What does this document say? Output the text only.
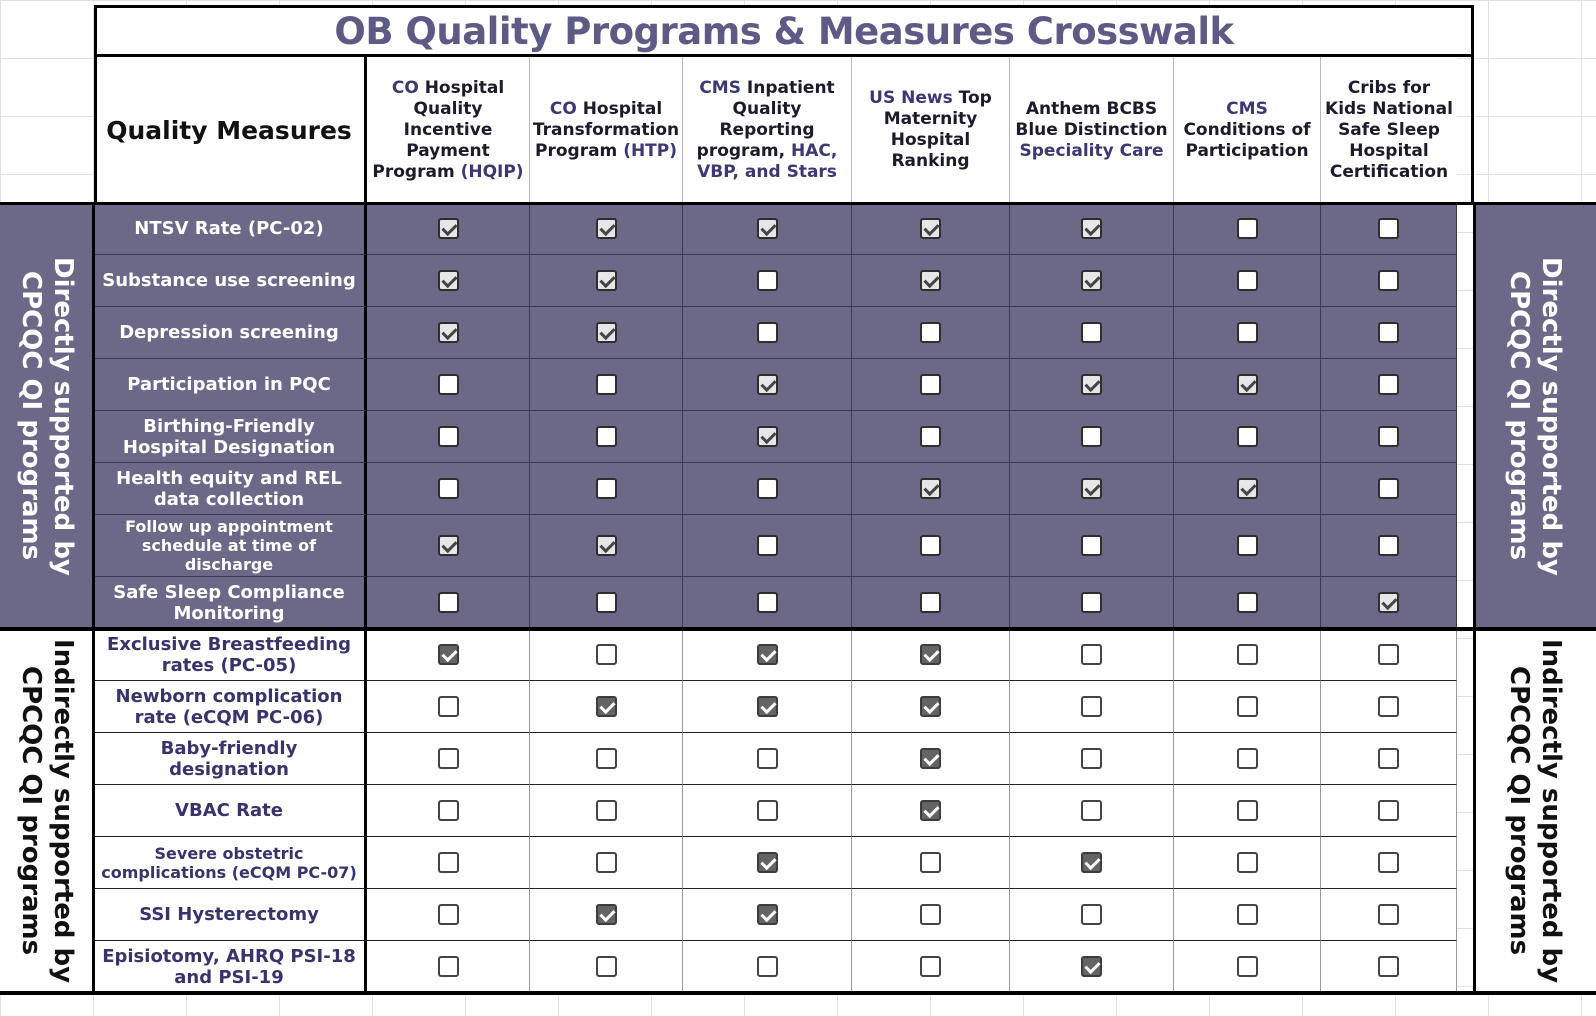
OB Quality Programs & Measures Crosswalk
Quality Measures
CO Hospital Quality Incentive Payment Program (HQIP)
CO Hospital Transformation Program (HTP)
CMS Inpatient Quality Reporting program, HAC, VBP, and Stars
US News Top Maternity Hospital Ranking
Anthem BCBS Blue Distinction Speciality Care
CMS Conditions of Participation
Cribs for Kids National Safe Sleep Hospital Certification
NTSV Rate (PC-02)
Substance use screening
Depression screening
Participation in PQC
Birthing-Friendly Hospital Designation
Health equity and REL data collection
Follow up appointment schedule at time of discharge
Safe Sleep Compliance Monitoring
Exclusive Breastfeeding rates (PC-05)
Newborn complication rate (eCQM PC-06)
Baby-friendly designation
VBAC Rate
Severe obstetric complications (eCQM PC-07)
SSI Hysterectomy
Episiotomy, AHRQ PSI-18 and PSI-19
Directly supported by CPCQC QI programs	Directly supported by CPCQC QI programs
Indirectly supported by CPCQC QI programs	Indirectly supported by CPCQC QI programs
